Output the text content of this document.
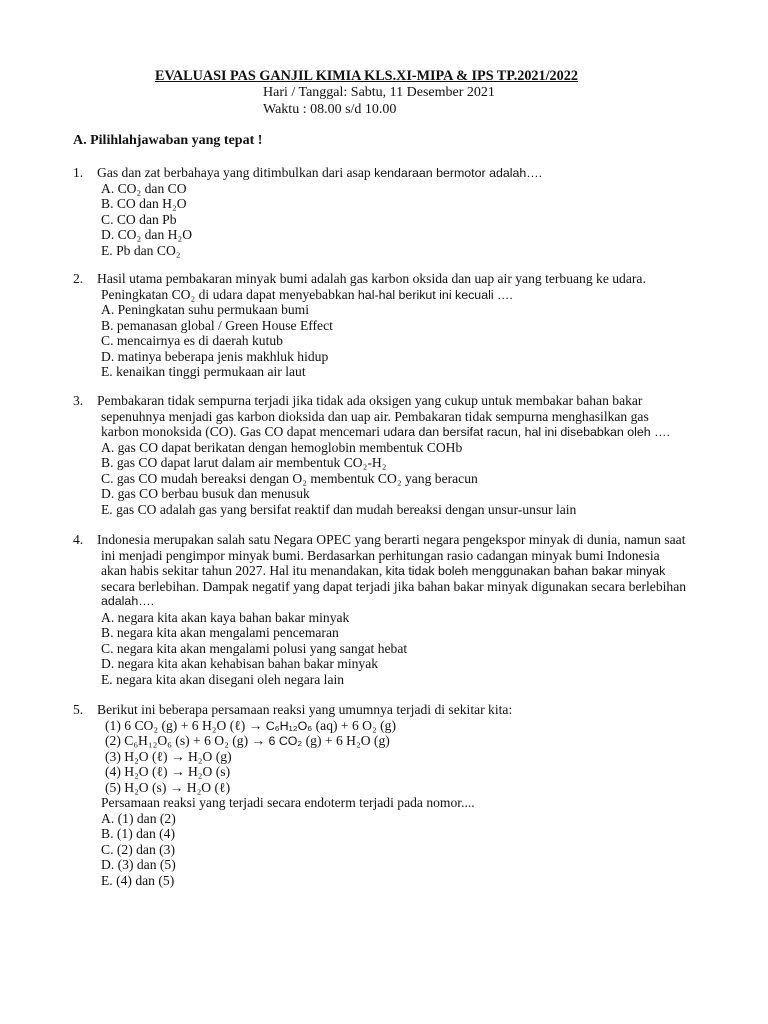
EVALUASI PAS GANJIL KIMIA KLS.XI-MIPA & IPS TP.2021/2022
Hari / Tanggal: Sabtu, 11 Desember 2021
Waktu : 08.00 s/d 10.00
A. Pilihlahjawaban yang tepat !
1. Gas dan zat berbahaya yang ditimbulkan dari asap kendaraan bermotor adalah….
A. CO₂ dan CO
B. CO dan H₂O
C. CO dan Pb
D. CO₂ dan H₂O
E. Pb dan CO₂
2. Hasil utama pembakaran minyak bumi adalah gas karbon oksida dan uap air yang terbuang ke udara.
Peningkatan CO₂ di udara dapat menyebabkan hal-hal berikut ini kecuali ….
A. Peningkatan suhu permukaan bumi
B. pemanasan global / Green House Effect
C. mencairnya es di daerah kutub
D. matinya beberapa jenis makhluk hidup
E. kenaikan tinggi permukaan air laut
3. Pembakaran tidak sempurna terjadi jika tidak ada oksigen yang cukup untuk membakar bahan bakar
sepenuhnya menjadi gas karbon dioksida dan uap air. Pembakaran tidak sempurna menghasilkan gas
karbon monoksida (CO). Gas CO dapat mencemari udara dan bersifat racun, hal ini disebabkan oleh ….
A. gas CO dapat berikatan dengan hemoglobin membentuk COHb
B. gas CO dapat larut dalam air membentuk CO₂-H₂
C. gas CO mudah bereaksi dengan O₂ membentuk CO₂ yang beracun
D. gas CO berbau busuk dan menusuk
E. gas CO adalah gas yang bersifat reaktif dan mudah bereaksi dengan unsur-unsur lain
4. Indonesia merupakan salah satu Negara OPEC yang berarti negara pengekspor minyak di dunia, namun saat
ini menjadi pengimpor minyak bumi. Berdasarkan perhitungan rasio cadangan minyak bumi Indonesia
akan habis sekitar tahun 2027. Hal itu menandakan, kita tidak boleh menggunakan bahan bakar minyak
secara berlebihan. Dampak negatif yang dapat terjadi jika bahan bakar minyak digunakan secara berlebihan
adalah….
A. negara kita akan kaya bahan bakar minyak
B. negara kita akan mengalami pencemaran
C. negara kita akan mengalami polusi yang sangat hebat
D. negara kita akan kehabisan bahan bakar minyak
E. negara kita akan disegani oleh negara lain
5. Berikut ini beberapa persamaan reaksi yang umumnya terjadi di sekitar kita:
(1) 6 CO₂ (g) + 6 H₂O (ℓ) → C₆H₁₂O₆ (aq) + 6 O₂ (g)
(2) C₆H₁₂O₆ (s) + 6 O₂ (g) → 6 CO₂ (g) + 6 H₂O (g)
(3) H₂O (ℓ) → H₂O (g)
(4) H₂O (ℓ) → H₂O (s)
(5) H₂O (s) → H₂O (ℓ)
Persamaan reaksi yang terjadi secara endoterm terjadi pada nomor....
A. (1) dan (2)
B. (1) dan (4)
C. (2) dan (3)
D. (3) dan (5)
E. (4) dan (5)
